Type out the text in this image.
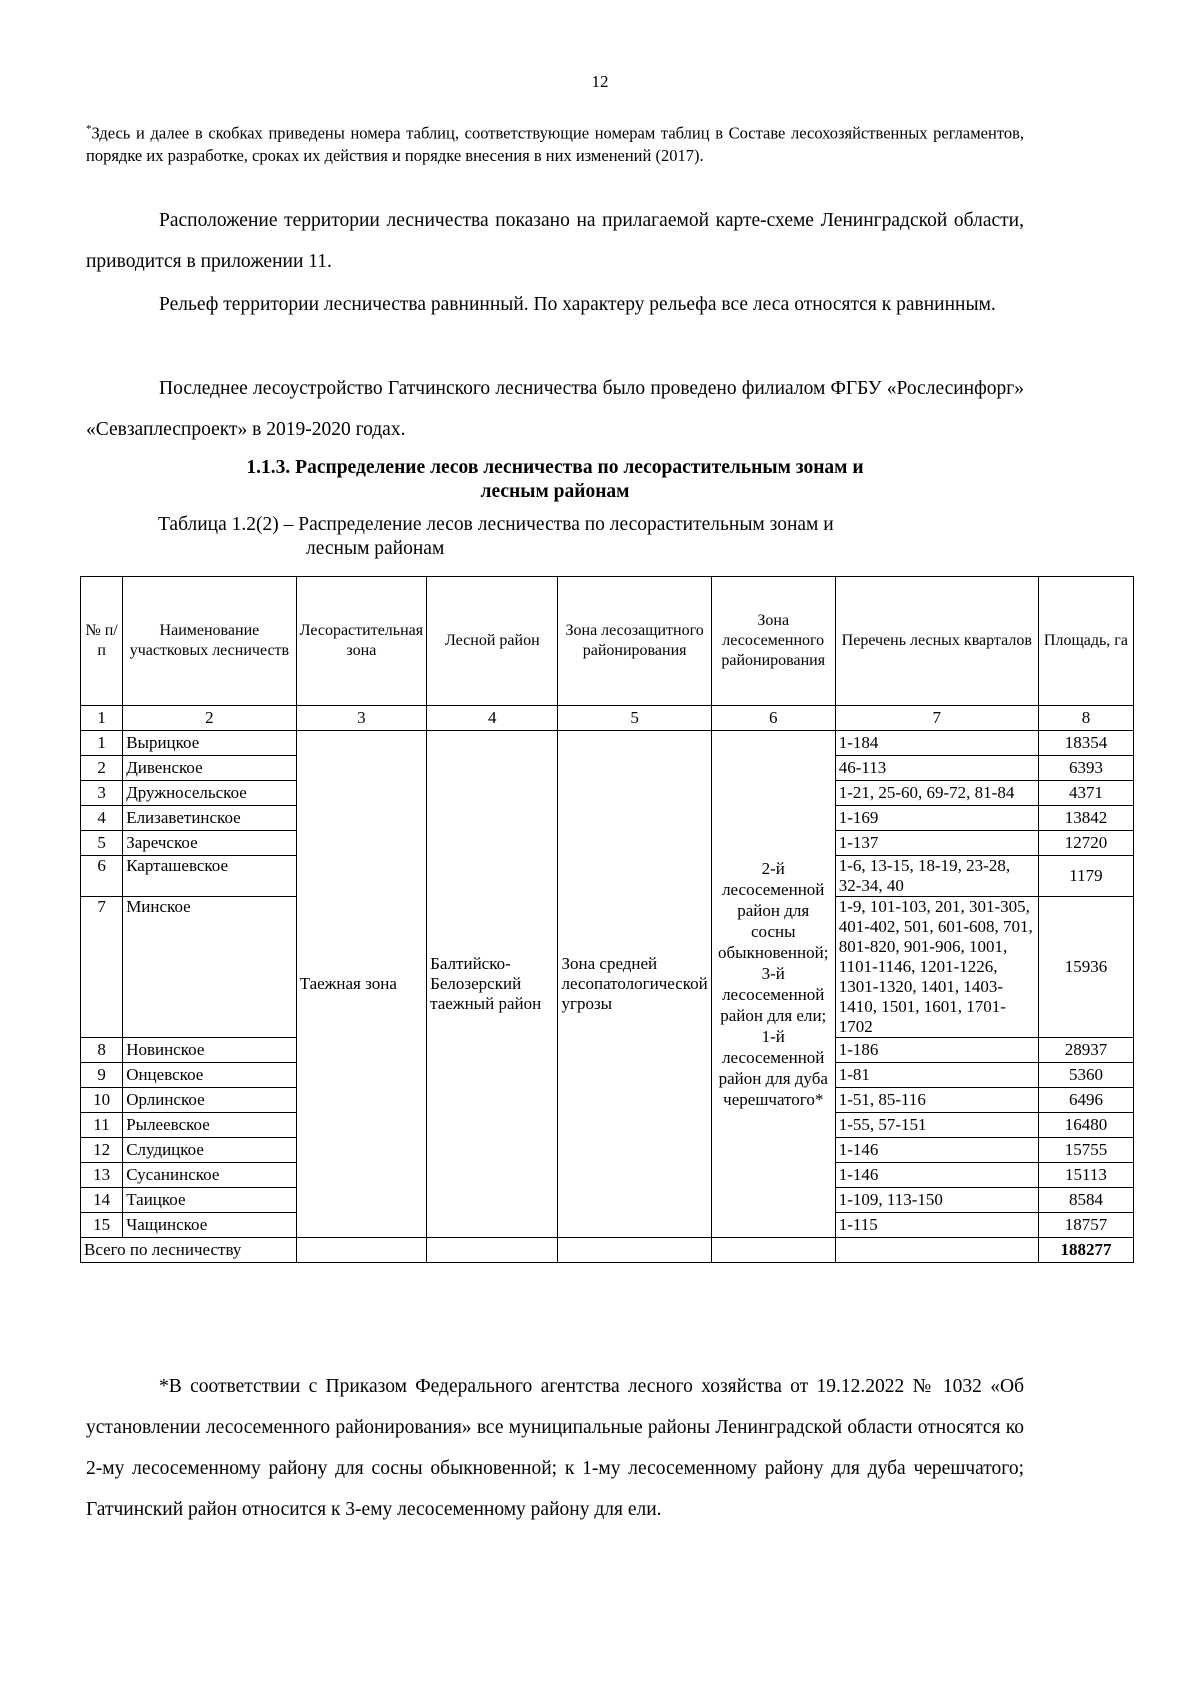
12
*Здесь и далее в скобках приведены номера таблиц, соответствующие номерам таблиц в Составе лесохозяйственных регламентов, порядке их разработке, сроках их действия и порядке внесения в них изменений (2017).

Расположение территории лесничества показано на прилагаемой карте-схеме Ленинградской области, приводится в приложении 11.

Рельеф территории лесничества равнинный. По характеру рельефа все леса относятся к равнинным.

Последнее лесоустройство Гатчинского лесничества было проведено филиалом ФГБУ «Рослесинфорг» «Севзаплеспроект» в 2019-2020 годах.

1.1.3. Распределение лесов лесничества по лесорастительным зонам и
лесным районам
Таблица 1.2(2) – Распределение лесов лесничества по лесорастительным зонам и
лесным районам
№ п/п	Наименование участковых лесничеств	Лесорастительная зона	Лесной район	Зона лесозащитного районирования	Зона лесосеменного районирования	Перечень лесных кварталов	Площадь, га
1	2	3	4	5	6	7	8
1	Вырицкое	Таежная зона	Балтийско-Белозерский таежный район	Зона средней лесопатологической угрозы	2-й лесосеменной район для сосны обыкновенной; 3-й лесосеменной район для ели; 1-й лесосеменной район для дуба черешчатого*	1-184	18354
2	Дивенское					46-113	6393
3	Дружносельское					1-21, 25-60, 69-72, 81-84	4371
4	Елизаветинское					1-169	13842
5	Заречское					1-137	12720
6	Карташевское					1-6, 13-15, 18-19, 23-28, 32-34, 40	1179
7	Минское					1-9, 101-103, 201, 301-305, 401-402, 501, 601-608, 701, 801-820, 901-906, 1001, 1101-1146, 1201-1226, 1301-1320, 1401, 1403-1410, 1501, 1601, 1701-1702	15936
8	Новинское					1-186	28937
9	Онцевское					1-81	5360
10	Орлинское					1-51, 85-116	6496
11	Рылеевское					1-55, 57-151	16480
12	Слудицкое					1-146	15755
13	Сусанинское					1-146	15113
14	Таицкое					1-109, 113-150	8584
15	Чащинское					1-115	18757
Всего по лесничеству							188277

*В соответствии с Приказом Федерального агентства лесного хозяйства от 19.12.2022 № 1032 «Об установлении лесосеменного районирования» все муниципальные районы Ленинградской области относятся ко 2-му лесосеменному району для сосны обыкновенной; к 1-му лесосеменному району для дуба черешчатого; Гатчинский район относится к 3-ему лесосеменному району для ели.
